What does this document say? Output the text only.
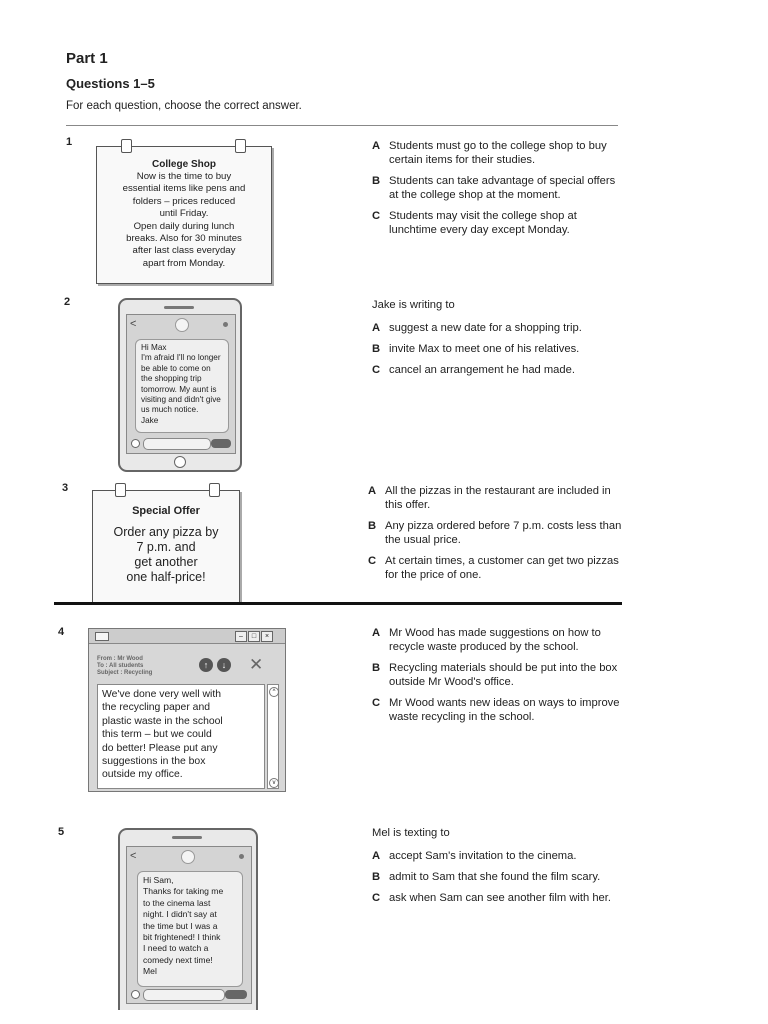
Part 1
Questions 1–5
For each question, choose the correct answer.
1
College Shop
Now is the time to buy
essential items like pens and
folders – prices reduced
until Friday.
Open daily during lunch
breaks. Also for 30 minutes
after last class everyday
apart from Monday.
A Students must go to the college shop to buy certain items for their studies.
B Students can take advantage of special offers at the college shop at the moment.
C Students may visit the college shop at lunchtime every day except Monday.
2
<
Hi Max
I'm afraid I'll no longer
be able to come on
the shopping trip
tomorrow. My aunt is
visiting and didn't give
us much notice.
Jake
Jake is writing to
A suggest a new date for a shopping trip.
B invite Max to meet one of his relatives.
C cancel an arrangement he had made.
3
Special Offer
Order any pizza by
7 p.m. and
get another
one half-price!
A All the pizzas in the restaurant are included in this offer.
B Any pizza ordered before 7 p.m. costs less than the usual price.
C At certain times, a customer can get two pizzas for the price of one.
4	–	□	×
From : Mr Wood
To : All students
Subject : Recycling
↑	↓ ✕
We've done very well with
the recycling paper and
plastic waste in the school
this term – but we could
do better! Please put any
suggestions in the box
outside my office.
^
v
A Mr Wood has made suggestions on how to recycle waste produced by the school.
B Recycling materials should be put into the box outside Mr Wood's office.
C Mr Wood wants new ideas on ways to improve waste recycling in the school.
5
<
Hi Sam,
Thanks for taking me
to the cinema last
night. I didn't say at
the time but I was a
bit frightened! I think
I need to watch a
comedy next time!
Mel
Mel is texting to
A accept Sam's invitation to the cinema.
B admit to Sam that she found the film scary.
C ask when Sam can see another film with her.
